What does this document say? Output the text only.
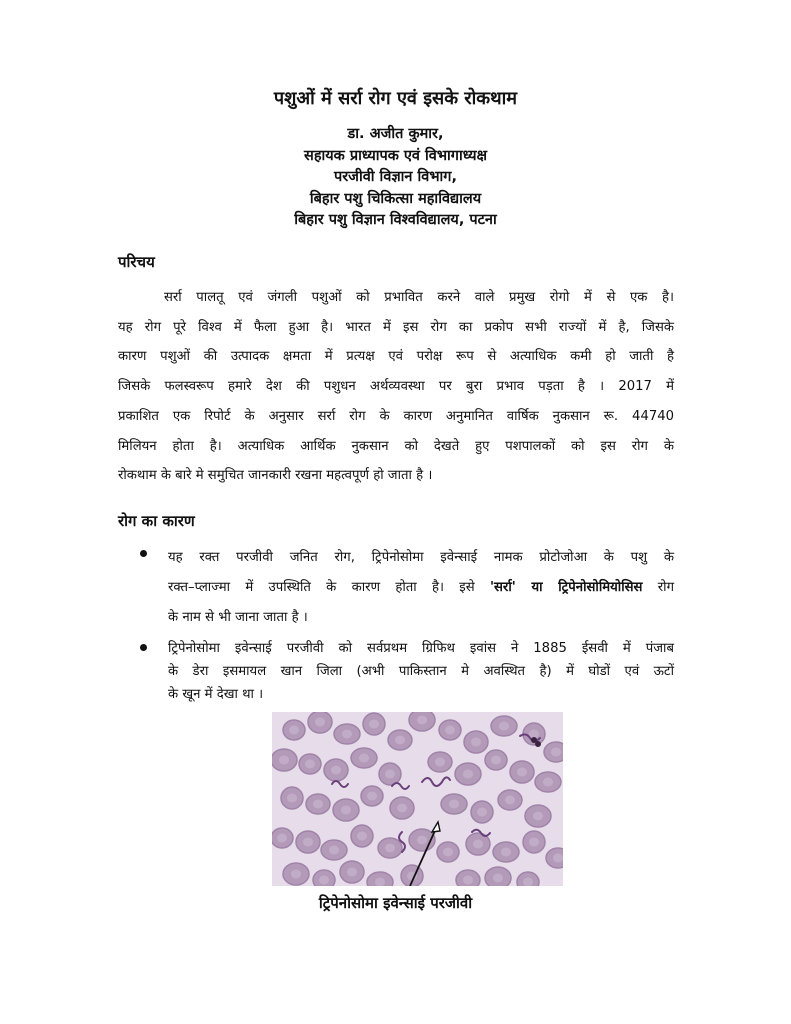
पशुओं में सर्रा रोग एवं इसके रोकथाम
डा. अजीत कुमार,
सहायक प्राध्यापक एवं विभागाध्यक्ष
परजीवी विज्ञान विभाग,
बिहार पशु चिकित्सा महाविद्यालय
बिहार पशु विज्ञान विश्वविद्यालय, पटना
परिचय
सर्रा पालतू एवं जंगली पशुओं को प्रभावित करने वाले प्रमुख रोगो में से एक है।
यह रोग पूरे विश्व में फैला हुआ है। भारत में इस रोग का प्रकोप सभी राज्यों में है, जिसके
कारण पशुओं की उत्पादक क्षमता में प्रत्यक्ष एवं परोक्ष रूप से अत्याधिक कमी हो जाती है
जिसके फलस्वरूप हमारे देश की पशुधन अर्थव्यवस्था पर बुरा प्रभाव पड़ता है । 2017 में
प्रकाशित एक रिपोर्ट के अनुसार सर्रा रोग के कारण अनुमानित वार्षिक नुकसान रू. 44740
मिलियन होता है। अत्याधिक आर्थिक नुकसान को देखते हुए पशपालकों को इस रोग के
रोकथाम के बारे मे समुचित जानकारी रखना महत्वपूर्ण हो जाता है ।
रोग का कारण
यह रक्त परजीवी जनित रोग, ट्रिपेनोसोमा इवेन्साई नामक प्रोटोजोआ के पशु के
रक्त–प्लाज्मा में उपस्थिति के कारण होता है। इसे 'सर्रा' या ट्रिपेनोसोमियोसिस रोग
के नाम से भी जाना जाता है ।
ट्रिपेनोसोमा इवेन्साई परजीवी को सर्वप्रथम ग्रिफिथ इवांस ने 1885 ईसवी में पंजाब
के डेरा इसमायल खान जिला (अभी पाकिस्तान मे अवस्थित है) में घोडों एवं ऊटों
के खून में देखा था ।
ट्रिपेनोसोमा इवेन्साई परजीवी
